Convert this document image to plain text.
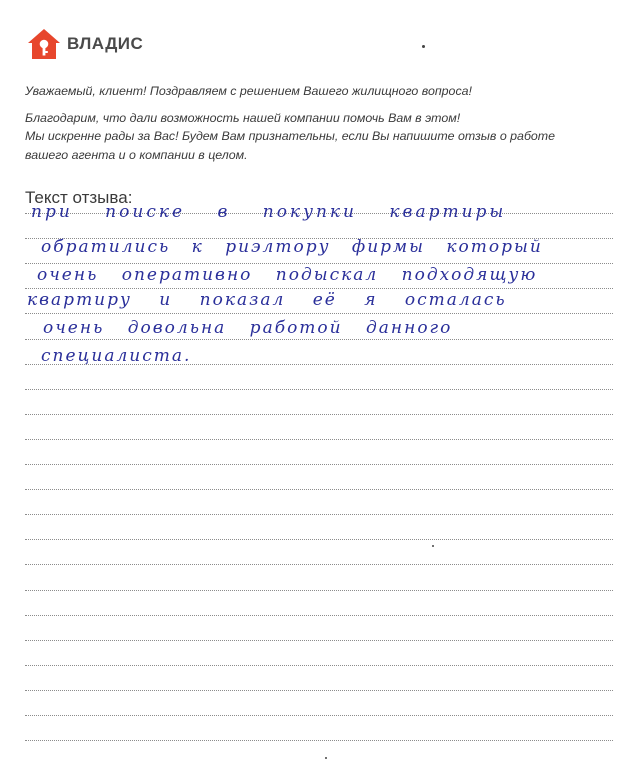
ВЛАДИС

Уважаемый, клиент! Поздравляем с решением Вашего жилищного вопроса!

Благодарим, что дали возможность нашей компании помочь Вам в этом!

Мы искренне рады за Вас! Будем Вам признательны, если Вы напишите отзыв о работе

вашего агента и о компании в целом.

Текст отзыва:
при поиске в покупки квартиры
обратились к риэлтору фирмы который
очень оперативно подыскал подходящую
квартиру и показал её я осталась
очень довольна работой данного
специалиста.
